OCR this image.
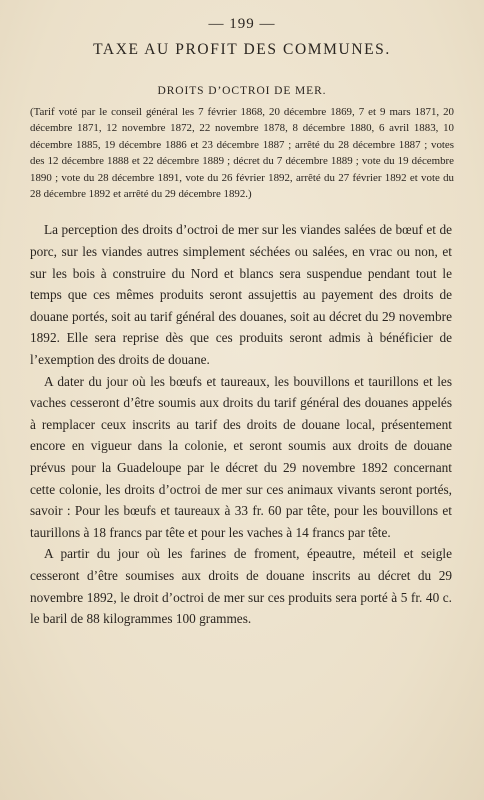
— 199 —
TAXE AU PROFIT DES COMMUNES.
DROITS D’OCTROI DE MER.
(Tarif voté par le conseil général les 7 février 1868, 20 décembre 1869, 7 et 9 mars 1871, 20 décembre 1871, 12 novembre 1872, 22 novembre 1878, 8 décembre 1880, 6 avril 1883, 10 décembre 1885, 19 décembre 1886 et 23 décembre 1887 ; arrêté du 28 décembre 1887 ; votes des 12 décembre 1888 et 22 décembre 1889 ; décret du 7 décembre 1889 ; vote du 19 décembre 1890 ; vote du 28 décembre 1891, vote du 26 février 1892, arrêté du 27 février 1892 et vote du 28 décembre 1892 et arrêté du 29 décembre 1892.)

La perception des droits d’octroi de mer sur les viandes salées de bœuf et de porc, sur les viandes autres simplement séchées ou salées, en vrac ou non, et sur les bois à construire du Nord et blancs sera suspendue pendant tout le temps que ces mêmes produits seront assujettis au payement des droits de douane portés, soit au tarif général des douanes, soit au décret du 29 novembre 1892. Elle sera reprise dès que ces produits seront admis à bénéficier de l’exemption des droits de douane.

A dater du jour où les bœufs et taureaux, les bouvillons et taurillons et les vaches cesseront d’être soumis aux droits du tarif général des douanes appelés à remplacer ceux inscrits au tarif des droits de douane local, présentement encore en vigueur dans la colonie, et seront soumis aux droits de douane prévus pour la Guadeloupe par le décret du 29 novembre 1892 concernant cette colonie, les droits d’octroi de mer sur ces animaux vivants seront portés, savoir : Pour les bœufs et taureaux à 33 fr. 60 par tête, pour les bouvillons et taurillons à 18 francs par tête et pour les vaches à 14 francs par tête.

A partir du jour où les farines de froment, épeautre, méteil et seigle cesseront d’être soumises aux droits de douane inscrits au décret du 29 novembre 1892, le droit d’octroi de mer sur ces produits sera porté à 5 fr. 40 c. le baril de 88 kilogrammes 100 grammes.
